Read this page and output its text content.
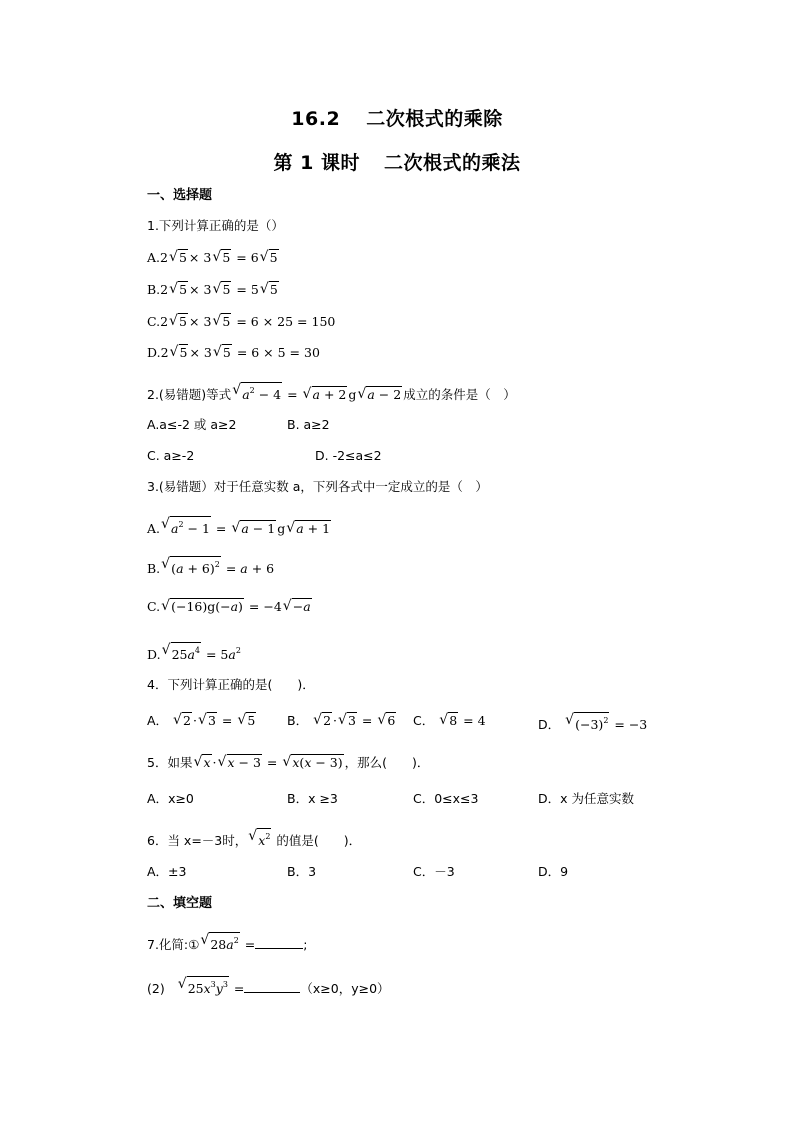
16.2 二次根式的乘除
第 1 课时 二次根式的乘法
一、选择题
1.下列计算正确的是（）
A.2 √ 5 × 3 √ 5 = 6 √ 5
B.2 √ 5 × 3 √ 5 = 5 √ 5
C.2 √ 5 × 3 √ 5 = 6 × 25 = 150
D.2 √ 5 × 3 √ 5 = 6 × 5 = 30
2.(易错题)等式 √ $a^2 - 4$ = √ a + 2 g √ a − 2 成立的条件是（　）
A.a≤-2 或 a≥2	B. a≥2
C. a≥-2	D. -2≤a≤2
3.(易错题）对于任意实数 a，下列各式中一定成立的是（　）
A. √ $a^2 - 1$ = √ a − 1 g √ a + 1
B. √ $(a + 6)^2 = a + 6$
C. √ (−16)g(−a) = −4 √ −a
D. √ $25a^4 = 5a^2$
4．下列计算正确的是(　　)．
A． √ 2 · √ 3 = √ 5	B． √ 2 · √ 3 = √ 6 C． √ 8 = 4	D． √ $(-3)^2 = -3$
5．如果 √ x · √ x − 3 = √ x(x − 3) ，那么(　　)．
A．x≥0	B．x ≥3	C．0≤x≤3	D．x 为任意实数
6．当 x=－3时， √ $x^2$ 的值是(　　)．
A．±3	B．3	C．－3	D．9
二、填空题
7.化简:① √ $28a^2$ =	;
(2) √ $25x^3y^3$ =	（x≥0，y≥0）
